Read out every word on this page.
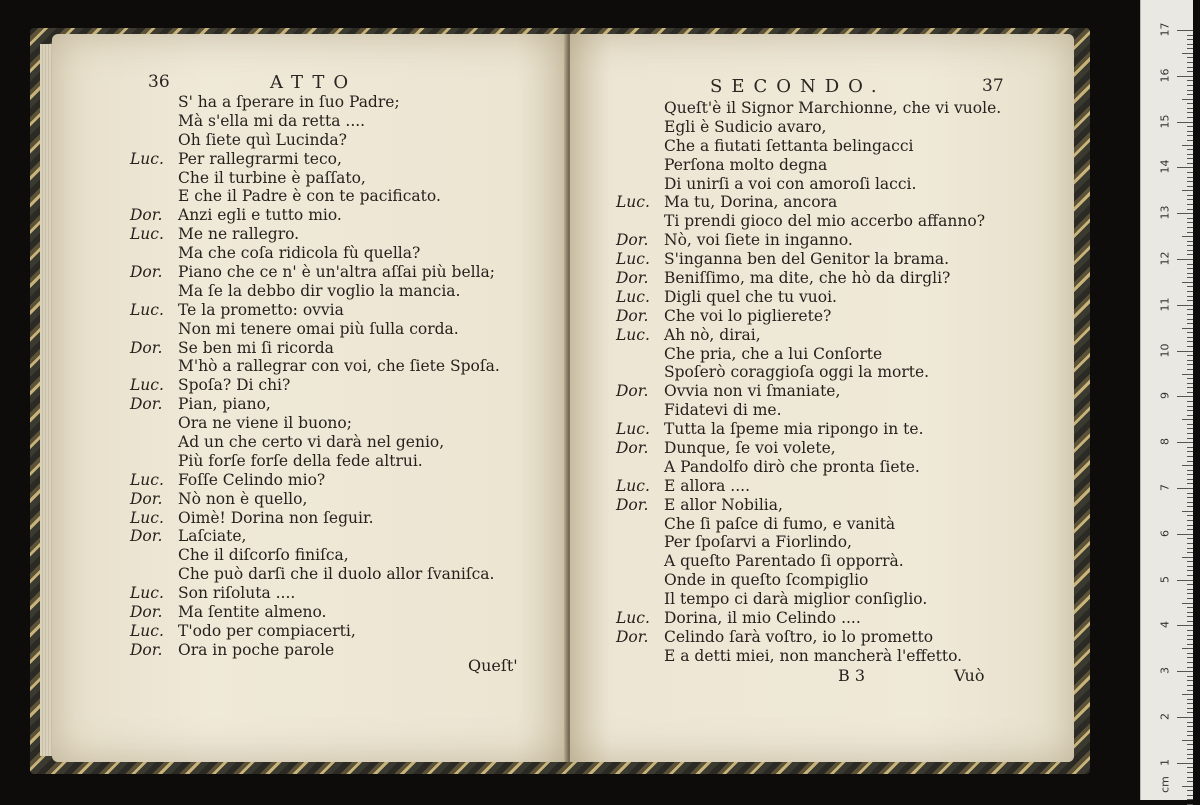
36	ATTO
S' ha a ſperare in ſuo Padre;
Mà s'ella mi da retta ....
Oh ſiete quì Lucinda?
Luc. Per rallegrarmi teco,
Che il turbine è paſſato,
E che il Padre è con te pacificato.
Dor. Anzi egli e tutto mio.
Luc. Me ne rallegro.
Ma che coſa ridicola fù quella?
Dor. Piano che ce n' è un'altra aſſai più bella;
Ma ſe la debbo dir voglio la mancia.
Luc. Te la prometto: ovvia
Non mi tenere omai più ſulla corda.
Dor. Se ben mi ſi ricorda
M'hò a rallegrar con voi, che ſiete Spoſa.
Luc. Spoſa? Di chi?
Dor. Pian, piano,
Ora ne viene il buono;
Ad un che certo vi darà nel genio,
Più forſe forſe della fede altrui.
Luc. Foſſe Celindo mio?
Dor. Nò non è quello,
Luc. Oimè! Dorina non ſeguir.
Dor. Laſciate,
Che il diſcorſo finiſca,
Che può darſi che il duolo allor ſvaniſca.
Luc. Son riſoluta ....
Dor. Ma ſentite almeno.
Luc. T'odo per compiacerti,
Dor. Ora in poche parole
Queſt'
SECONDO.	37
Queſt'è il Signor Marchionne, che vi vuole.
Egli è Sudicio avaro,
Che a fiutati ſettanta belingacci
Perſona molto degna
Di unirſi a voi con amoroſi lacci.
Luc. Ma tu, Dorina, ancora
Ti prendi gioco del mio accerbo affanno?
Dor. Nò, voi ſiete in inganno.
Luc. S'inganna ben del Genitor la brama.
Dor. Beniſſimo, ma dite, che hò da dirgli?
Luc. Digli quel che tu vuoi.
Dor. Che voi lo piglierete?
Luc. Ah nò, dirai,
Che pria, che a lui Conſorte
Spoſerò coraggioſa oggi la morte.
Dor. Ovvia non vi ſmaniate,
Fidatevi di me.
Luc. Tutta la ſpeme mia ripongo in te.
Dor. Dunque, ſe voi volete,
A Pandolfo dirò che pronta ſiete.
Luc. E allora ....
Dor. E allor Nobilia,
Che ſi paſce di fumo, e vanità
Per ſpoſarvi a Fiorlindo,
A queſto Parentado ſi opporrà.
Onde in queſto ſcompiglio
Il tempo ci darà miglior conſiglio.
Luc. Dorina, il mio Celindo ....
Dor. Celindo ſarà voſtro, io lo prometto
E a detti miei, non mancherà l'effetto.
B 3	Vuò
cm
17
16
15
14
13
12
11
10
9
8
7
6
5
4
3
2
1
